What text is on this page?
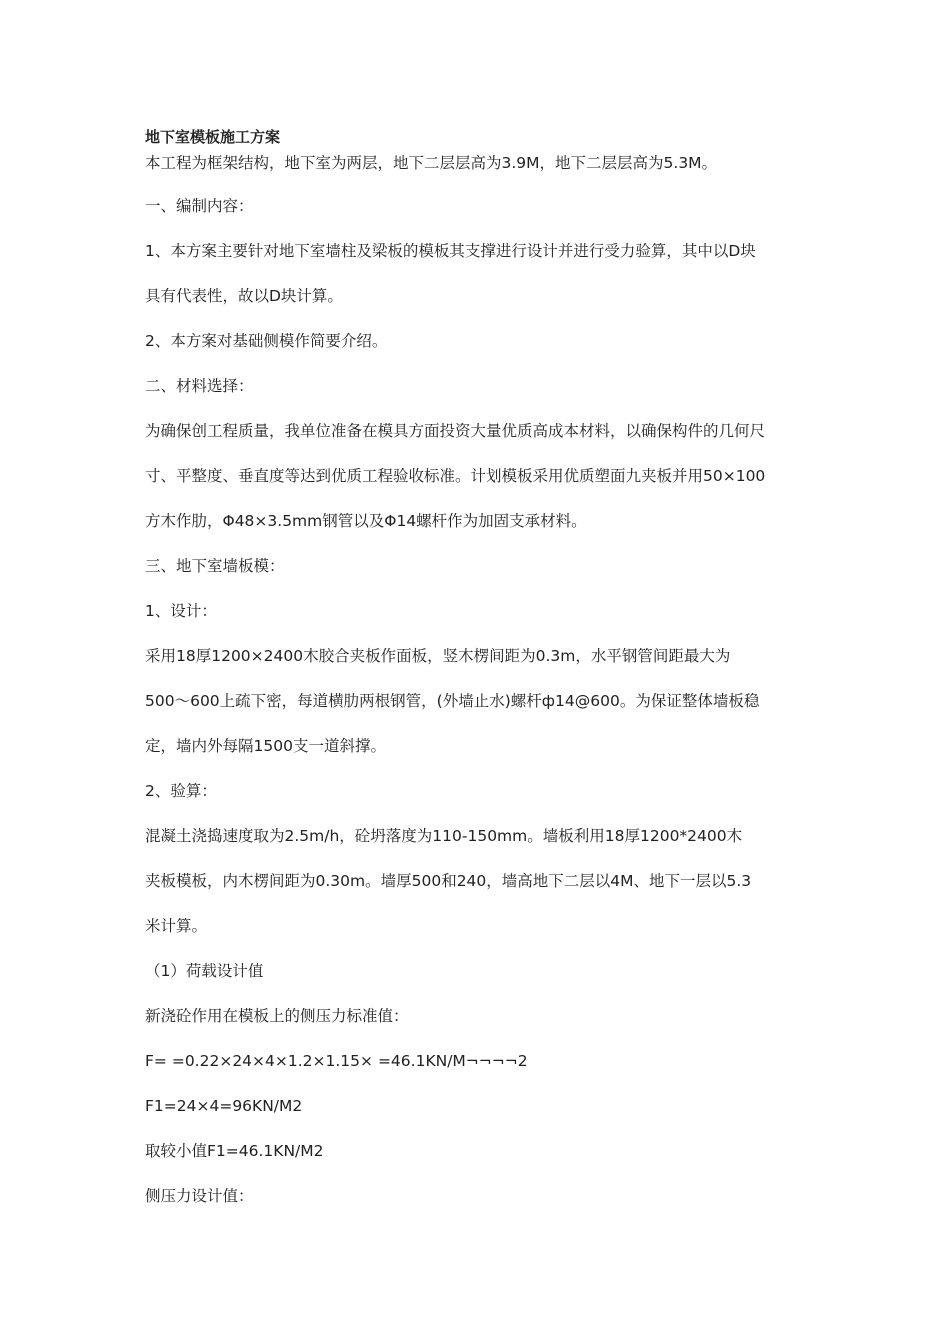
地下室模板施工方案

本工程为框架结构，地下室为两层，地下二层层高为3.9M，地下二层层高为5.3M。

一、编制内容：

1、本方案主要针对地下室墙柱及梁板的模板其支撑进行设计并进行受力验算，其中以D块

具有代表性，故以D块计算。

2、本方案对基础侧模作简要介绍。

二、材料选择：

为确保创工程质量，我单位准备在模具方面投资大量优质高成本材料，以确保构件的几何尺

寸、平整度、垂直度等达到优质工程验收标准。计划模板采用优质塑面九夹板并用50×100

方木作肋，Φ48×3.5mm钢管以及Φ14螺杆作为加固支承材料。

三、地下室墙板模：

1、设计：

采用18厚1200×2400木胶合夹板作面板，竖木楞间距为0.3m，水平钢管间距最大为

500～600上疏下密，每道横肋两根钢管，(外墙止水)螺杆ф14@600。为保证整体墙板稳

定，墙内外每隔1500支一道斜撑。

2、验算：

混凝土浇捣速度取为2.5m/h，砼坍落度为110-150mm。墙板利用18厚1200*2400木

夹板模板，内木楞间距为0.30m。墙厚500和240，墙高地下二层以4M、地下一层以5.3

米计算。

（1）荷载设计值

新浇砼作用在模板上的侧压力标准值：

F= =0.22×24×4×1.2×1.15× =46.1KN/M¬¬¬¬2

F1=24×4=96KN/M2

取较小值F1=46.1KN/M2

侧压力设计值：
